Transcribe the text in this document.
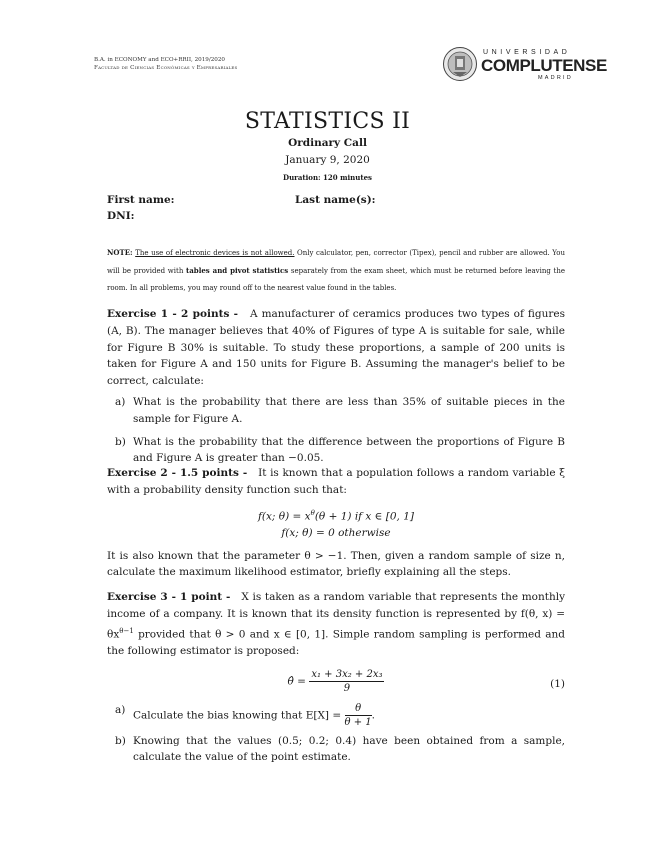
B.A. in ECONOMY and ECO+RRII, 2019/2020
Facultad de Ciencias Económicas y Empresariales
UNIVERSIDAD
COMPLUTENSE
MADRID
STATISTICS II
Ordinary Call
January 9, 2020
Duration: 120 minutes
First name:	Last name(s):
DNI:
NOTE: The use of electronic devices is not allowed. Only calculator, pen, corrector (Tipex), pencil and rubber are allowed. You will be provided with tables and pivot statistics separately from the exam sheet, which must be returned before leaving the room. In all problems, you may round off to the nearest value found in the tables.
Exercise 1 - 2 points - A manufacturer of ceramics produces two types of figures (A, B). The manager believes that 40% of Figures of type A is suitable for sale, while for Figure B 30% is suitable. To study these proportions, a sample of 200 units is taken for Figure A and 150 units for Figure B. Assuming the manager's belief to be correct, calculate:
a) What is the probability that there are less than 35% of suitable pieces in the sample for Figure A.
b) What is the probability that the difference between the proportions of Figure B and Figure A is greater than −0.05.
Exercise 2 - 1.5 points - It is known that a population follows a random variable ξ with a probability density function such that:
f(x; $\theta) = x^\theta(\theta + 1)$ if x ∈ [0, 1]
f(x; θ) = 0 otherwise
It is also known that the parameter θ > −1. Then, given a random sample of size n, calculate the maximum likelihood estimator, briefly explaining all the steps.
Exercise 3 - 1 point - X is taken as a random variable that represents the monthly income of a company. It is known that its density function is represented by f(θ, $x) = \theta x^{\theta-1}$ provided that θ > 0 and x ∈ [0, 1]. Simple random sampling is performed and the following estimator is proposed:
θ̂ = $\frac{\text{x₁ + 3x₂ + 2x₃}}{9}$	(1)
a) Calculate the bias knowing that $E[X] = \frac{\theta}{\theta + 1}$ .
b) Knowing that the values (0.5; 0.2; 0.4) have been obtained from a sample, calculate the value of the point estimate.
